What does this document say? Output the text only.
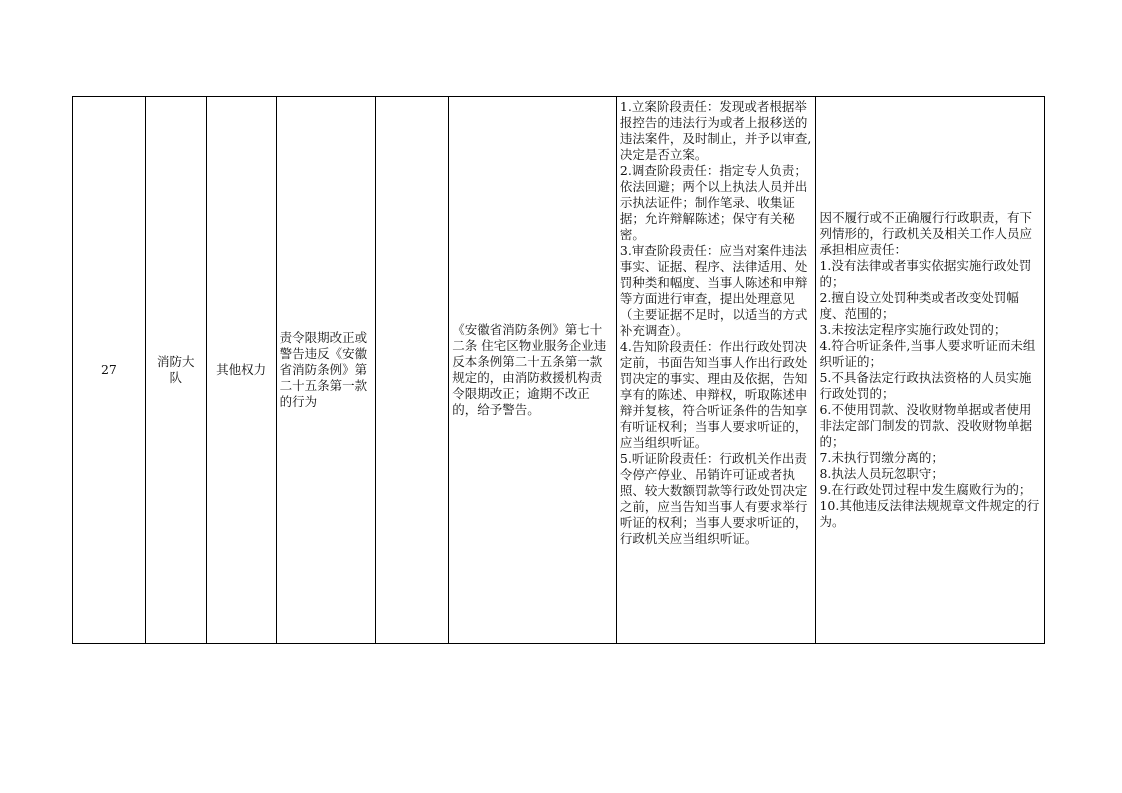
27
消防大队
其他权力
责令限期改正或警告违反《安徽省消防条例》第二十五条第一款的行为
《安徽省消防条例》第七十二条 住宅区物业服务企业违反本条例第二十五条第一款规定的，由消防救援机构责令限期改正；逾期不改正的，给予警告。
1.立案阶段责任：发现或者根据举报控告的违法行为或者上报移送的违法案件，及时制止，并予以审查,决定是否立案。
2.调查阶段责任：指定专人负责；依法回避；两个以上执法人员并出示执法证件；制作笔录、收集证据；允许辩解陈述；保守有关秘密。
3.审查阶段责任：应当对案件违法事实、证据、程序、法律适用、处罚种类和幅度、当事人陈述和申辩等方面进行审查，提出处理意见（主要证据不足时，以适当的方式补充调查）。
4.告知阶段责任：作出行政处罚决定前，书面告知当事人作出行政处罚决定的事实、理由及依据，告知享有的陈述、申辩权，听取陈述申辩并复核，符合听证条件的告知享有听证权利；当事人要求听证的，应当组织听证。
5.听证阶段责任：行政机关作出责令停产停业、吊销许可证或者执照、较大数额罚款等行政处罚决定之前，应当告知当事人有要求举行听证的权利；当事人要求听证的，行政机关应当组织听证。
因不履行或不正确履行行政职责，有下列情形的，行政机关及相关工作人员应承担相应责任：
1.没有法律或者事实依据实施行政处罚的；
2.擅自设立处罚种类或者改变处罚幅度、范围的；
3.未按法定程序实施行政处罚的；
4.符合听证条件,当事人要求听证而未组织听证的；
5.不具备法定行政执法资格的人员实施行政处罚的；
6.不使用罚款、没收财物单据或者使用非法定部门制发的罚款、没收财物单据的；
7.未执行罚缴分离的；
8.执法人员玩忽职守；
9.在行政处罚过程中发生腐败行为的；
10.其他违反法律法规规章文件规定的行为。
